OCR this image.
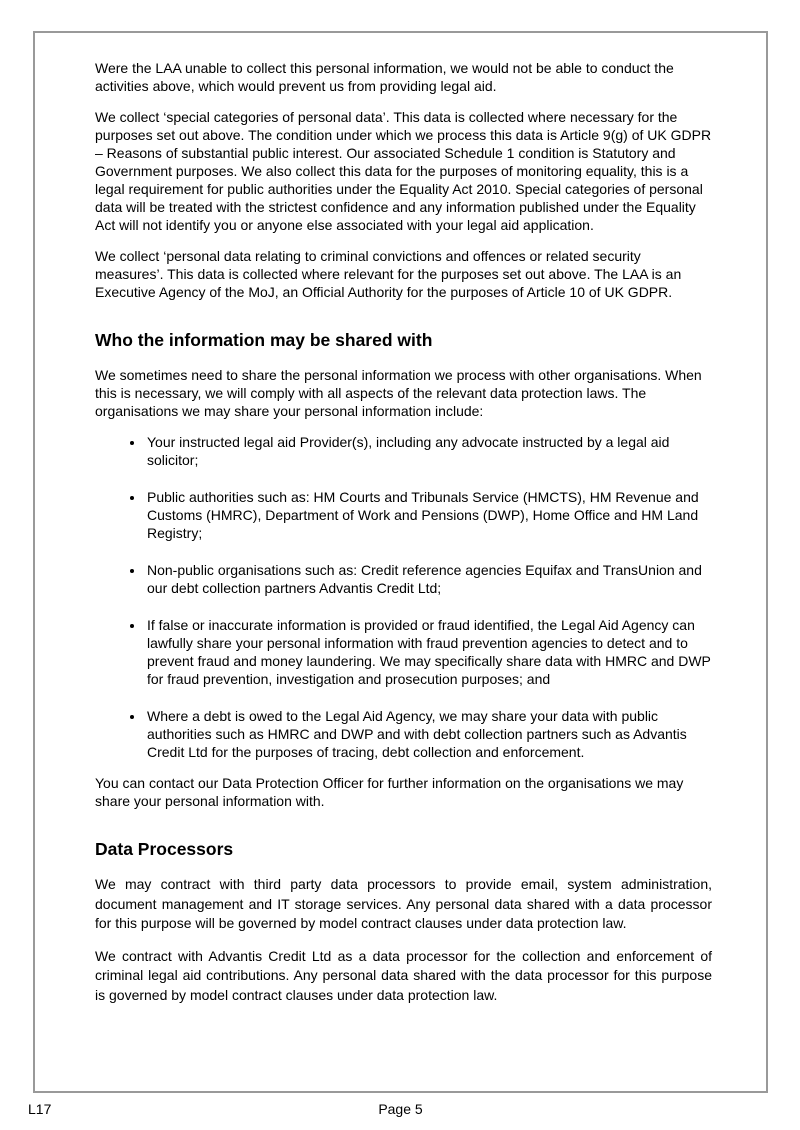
Were the LAA unable to collect this personal information, we would not be able to conduct the activities above, which would prevent us from providing legal aid.

We collect ‘special categories of personal data’. This data is collected where necessary for the purposes set out above. The condition under which we process this data is Article 9(g) of UK GDPR – Reasons of substantial public interest. Our associated Schedule 1 condition is Statutory and Government purposes. We also collect this data for the purposes of monitoring equality, this is a legal requirement for public authorities under the Equality Act 2010. Special categories of personal data will be treated with the strictest confidence and any information published under the Equality Act will not identify you or anyone else associated with your legal aid application.

We collect ‘personal data relating to criminal convictions and offences or related security measures’. This data is collected where relevant for the purposes set out above. The LAA is an Executive Agency of the MoJ, an Official Authority for the purposes of Article 10 of UK GDPR.

Who the information may be shared with

We sometimes need to share the personal information we process with other organisations. When this is necessary, we will comply with all aspects of the relevant data protection laws. The organisations we may share your personal information include:

• Your instructed legal aid Provider(s), including any advocate instructed by a legal aid solicitor;
• Public authorities such as: HM Courts and Tribunals Service (HMCTS), HM Revenue and Customs (HMRC), Department of Work and Pensions (DWP), Home Office and HM Land Registry;
• Non-public organisations such as: Credit reference agencies Equifax and TransUnion and our debt collection partners Advantis Credit Ltd;
• If false or inaccurate information is provided or fraud identified, the Legal Aid Agency can lawfully share your personal information with fraud prevention agencies to detect and to prevent fraud and money laundering. We may specifically share data with HMRC and DWP for fraud prevention, investigation and prosecution purposes; and
• Where a debt is owed to the Legal Aid Agency, we may share your data with public authorities such as HMRC and DWP and with debt collection partners such as Advantis Credit Ltd for the purposes of tracing, debt collection and enforcement.

You can contact our Data Protection Officer for further information on the organisations we may share your personal information with.

Data Processors

We may contract with third party data processors to provide email, system administration, document management and IT storage services. Any personal data shared with a data processor for this purpose will be governed by model contract clauses under data protection law.

We contract with Advantis Credit Ltd as a data processor for the collection and enforcement of criminal legal aid contributions. Any personal data shared with the data processor for this purpose is governed by model contract clauses under data protection law.

L17	Page 5
